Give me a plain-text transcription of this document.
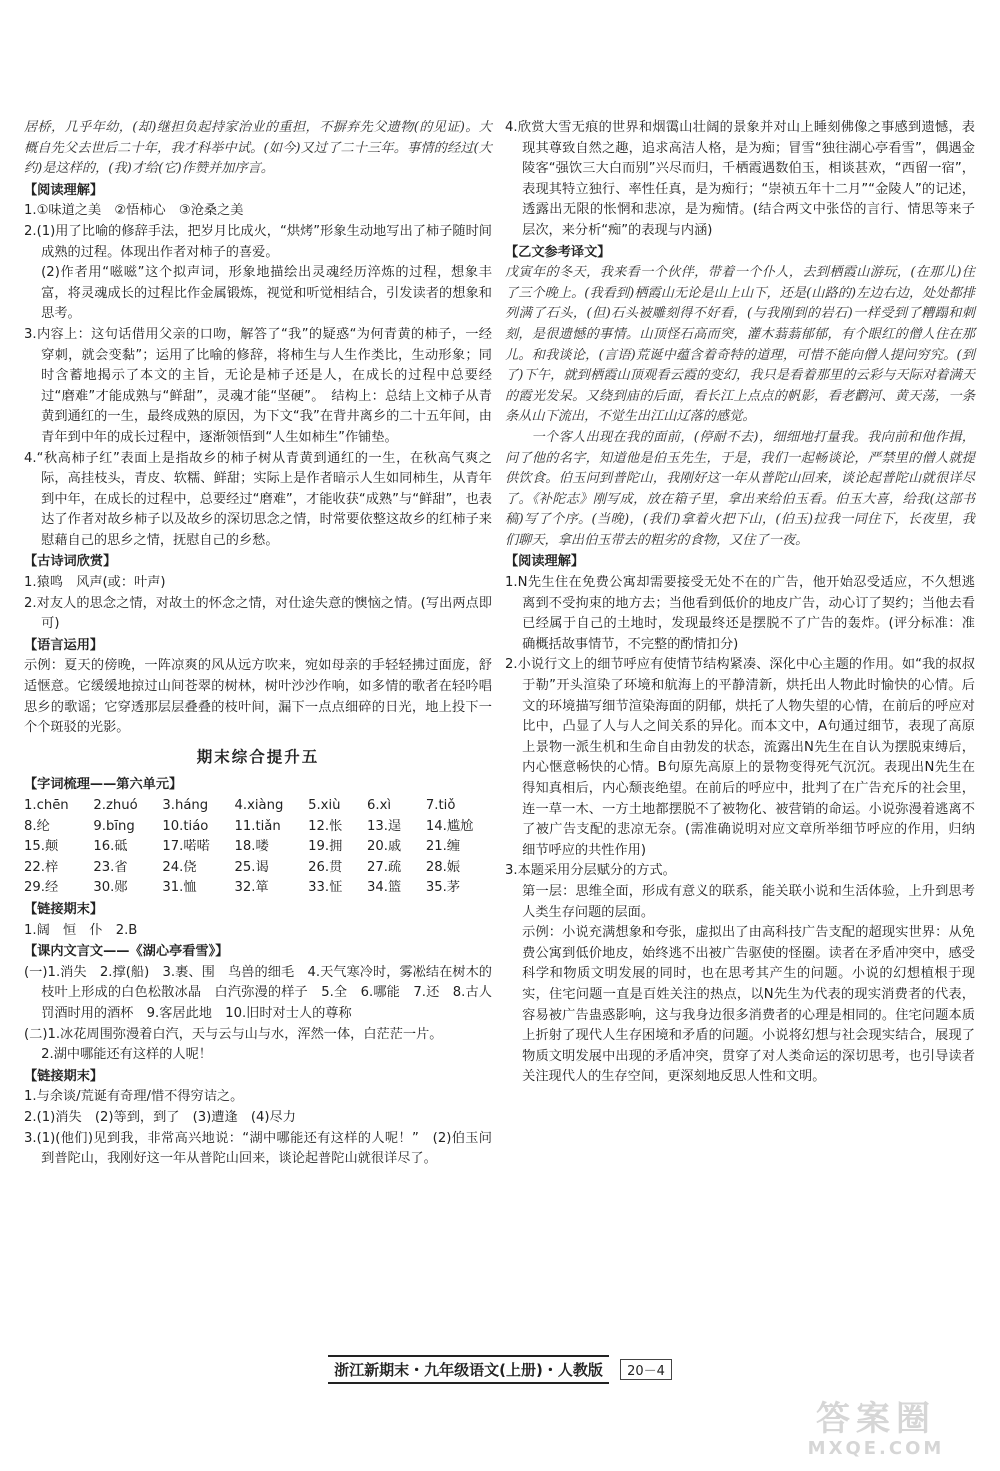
居桥，几乎年幼，(却)继担负起持家治业的重担，不摒弃先父遗物(的见证)。大概自先父去世后二十年，我才科举中试。(如今)又过了二十三年。事情的经过(大约)是这样的，(我)才给(它)作赞并加序言。

【阅读理解】

1.①味道之美　②悟柿心　③沧桑之美

2.(1)用了比喻的修辞手法，把岁月比成火，“烘烤”形象生动地写出了柿子随时间成熟的过程。体现出作者对柿子的喜爱。

(2)作者用“嗞嗞”这个拟声词，形象地描绘出灵魂经历淬炼的过程，想象丰富，将灵魂成长的过程比作金属锻炼，视觉和听觉相结合，引发读者的想象和思考。

3.内容上：这句话借用父亲的口吻，解答了“我”的疑惑“为何青黄的柿子，一经穿刺，就会变黏”；运用了比喻的修辞，将柿生与人生作类比，生动形象；同时含蓄地揭示了本文的主旨，无论是柿子还是人，在成长的过程中总要经过“磨难”才能成熟与“鲜甜”，灵魂才能“坚硬”。　结构上：总结上文柿子从青黄到通红的一生，最终成熟的原因，为下文“我”在背井离乡的二十五年间，由青年到中年的成长过程中，逐渐领悟到“人生如柿生”作铺垫。

4.“秋高柿子红”表面上是指故乡的柿子树从青黄到通红的一生，在秋高气爽之际，高挂枝头，青皮、软糯、鲜甜；实际上是作者暗示人生如同柿生，从青年到中年，在成长的过程中，总要经过“磨难”，才能收获“成熟”与“鲜甜”，也表达了作者对故乡柿子以及故乡的深切思念之情，时常要依整这故乡的红柿子来慰藉自己的思乡之情，抚慰自己的乡愁。

【古诗词欣赏】

1.猿鸣　风声(或：叶声)

2.对友人的思念之情，对故土的怀念之情，对仕途失意的懊恼之情。(写出两点即可)

【语言运用】

示例：夏天的傍晚，一阵凉爽的风从远方吹来，宛如母亲的手轻轻拂过面庞，舒适惬意。它缓缓地掠过山间苍翠的树林，树叶沙沙作响，如多情的歌者在轻吟唱思乡的歌谣；它穿透那层层叠叠的枝叶间，漏下一点点细碎的日光，地上投下一个个斑驳的光影。

期末综合提升五

【字词梳理——第六单元】

1.chēn	2.zhuó	3.háng	4.xiàng	5.xiù	6.xì	7.tiǒ
8.纶	9.bīng	10.tiáo	11.tiǎn	12.怅	13.逞	14.尴尬
15.颠	16.砥	17.喏喏	18.喽	19.拥	20.戚	21.缠
22.梓	23.省	24.侥	25.谒	26.贯	27.疏	28.娠
29.经	30.郧	31.恤	32.箪	33.怔	34.篮	35.茅

【链接期末】

1.阔　恒　仆　2.B

【课内文言文——《湖心亭看雪》】

(一)1.消失　2.撑(船)　3.裹、围　鸟兽的细毛　4.天气寒冷时，雾凇结在树木的枝叶上形成的白色松散冰晶　白汽弥漫的样子　5.全　6.哪能　7.还　8.古人罚酒时用的酒杯　9.客居此地　10.旧时对士人的尊称

(二)1.冰花周围弥漫着白汽，天与云与山与水，浑然一体，白茫茫一片。

2.湖中哪能还有这样的人呢！

【链接期末】

1.与余谈/荒诞有奇理/惜不得穷诘之。

2.(1)消失　(2)等到，到了　(3)遭逢　(4)尽力

3.(1)(他们)见到我，非常高兴地说：“湖中哪能还有这样的人呢！”　(2)伯玉问到普陀山，我刚好这一年从普陀山回来，谈论起普陀山就很详尽了。

4.欣赏大雪无痕的世界和烟霭山壮阔的景象并对山上睡刻佛像之事感到遗憾，表现其尊致自然之趣，追求高洁人格，是为痴；冒雪“独往湖心亭看雪”，偶遇金陵客“强饮三大白而别”兴尽而归，千栖霞遇数伯玉，相谈甚欢，“西留一宿”，表现其特立独行、率性任真，是为痴行；“崇祯五年十二月”“金陵人”的记述，透露出无限的怅惘和悲凉，是为痴情。(结合两文中张岱的言行、情思等来子层次，来分析“痴”的表现与内涵)

【乙文参考译文】

戊寅年的冬天，我来看一个伙伴，带着一个仆人，去到栖霞山游玩，(在那儿)住了三个晚上。(我看到)栖霞山无论是山上山下，还是(山路的)左边右边，处处都排列满了石头，(但)石头被雕刻得不好看，(与我刚到的岩石)一样受到了糟蹋和刺刻，是很遗憾的事情。山顶怪石高而突，灌木蓊蓊郁郁，有个眼红的僧人住在那儿。和我谈论，(言语)荒诞中蕴含着奇特的道理，可惜不能向僧人提问穷究。(到了)下午，就到栖霞山顶观看云霞的变幻，我只是看着那里的云彩与天际对着满天的霞光发呆。又绕到庙的后面，看长江上点点的帆影，看老鹳河、黄天荡，一条条从山下流出，不觉生出江山辽落的感觉。

一个客人出现在我的面前，(停耐不去)，细细地打量我。我向前和他作揖，问了他的名字，知道他是伯玉先生，于是，我们一起畅谈论，严禁里的僧人就提供饮食。伯玉问到普陀山，我刚好这一年从普陀山回来，谈论起普陀山就很详尽了。《补陀志》刚写成，放在箱子里，拿出来给伯玉看。伯玉大喜，给我(这部书稿)写了个序。(当晚)，(我们)拿着火把下山，(伯玉)拉我一同住下，长夜里，我们聊天，拿出伯玉带去的粗劣的食物，又住了一夜。

【阅读理解】

1.N先生住在免费公寓却需要接受无处不在的广告，他开始忍受适应，不久想逃离到不受拘束的地方去；当他看到低价的地皮广告，动心订了契约；当他去看已经属于自己的土地时，发现最终还是摆脱不了广告的轰炸。(评分标准：准确概括故事情节，不完整的酌情扣分)

2.小说行文上的细节呼应有使情节结构紧凑、深化中心主题的作用。如“我的叔叔于勒”开头渲染了环境和航海上的平静清新，烘托出人物此时愉快的心情。后文的环境描写细节渲染海面的阴郁，烘托了人物失望的心情，在前后的呼应对比中，凸显了人与人之间关系的异化。而本文中，A句通过细节，表现了高原上景物一派生机和生命自由勃发的状态，流露出N先生在自认为摆脱束缚后，内心惬意畅快的心情。B句原先高原上的景物变得死气沉沉。表现出N先生在得知真相后，内心颓丧绝望。在前后的呼应中，批判了在广告充斥的社会里，连一草一木、一方土地都摆脱不了被物化、被营销的命运。小说弥漫着逃离不了被广告支配的悲凉无奈。(需准确说明对应文章所举细节呼应的作用，归纳细节呼应的共性作用)

3.本题采用分层赋分的方式。

第一层：思维全面，形成有意义的联系，能关联小说和生活体验，上升到思考人类生存问题的层面。

示例：小说充满想象和夸张，虚拟出了由高科技广告支配的超现实世界：从免费公寓到低价地皮，始终逃不出被广告驱使的怪圈。读者在矛盾冲突中，感受科学和物质文明发展的同时，也在思考其产生的问题。小说的幻想植根于现实，住宅问题一直是百姓关注的热点，以N先生为代表的现实消费者的代表，容易被广告蛊惑影响，这与我身边很多消费者的心理是相同的。住宅问题本质上折射了现代人生存困境和矛盾的问题。小说将幻想与社会现实结合，展现了物质文明发展中出现的矛盾冲突，贯穿了对人类命运的深切思考，也引导读者关注现代人的生存空间，更深刻地反思人性和文明。

浙江新期末・九年级语文(上册)・人教版 20－4
答案圈
MXQE.COM
